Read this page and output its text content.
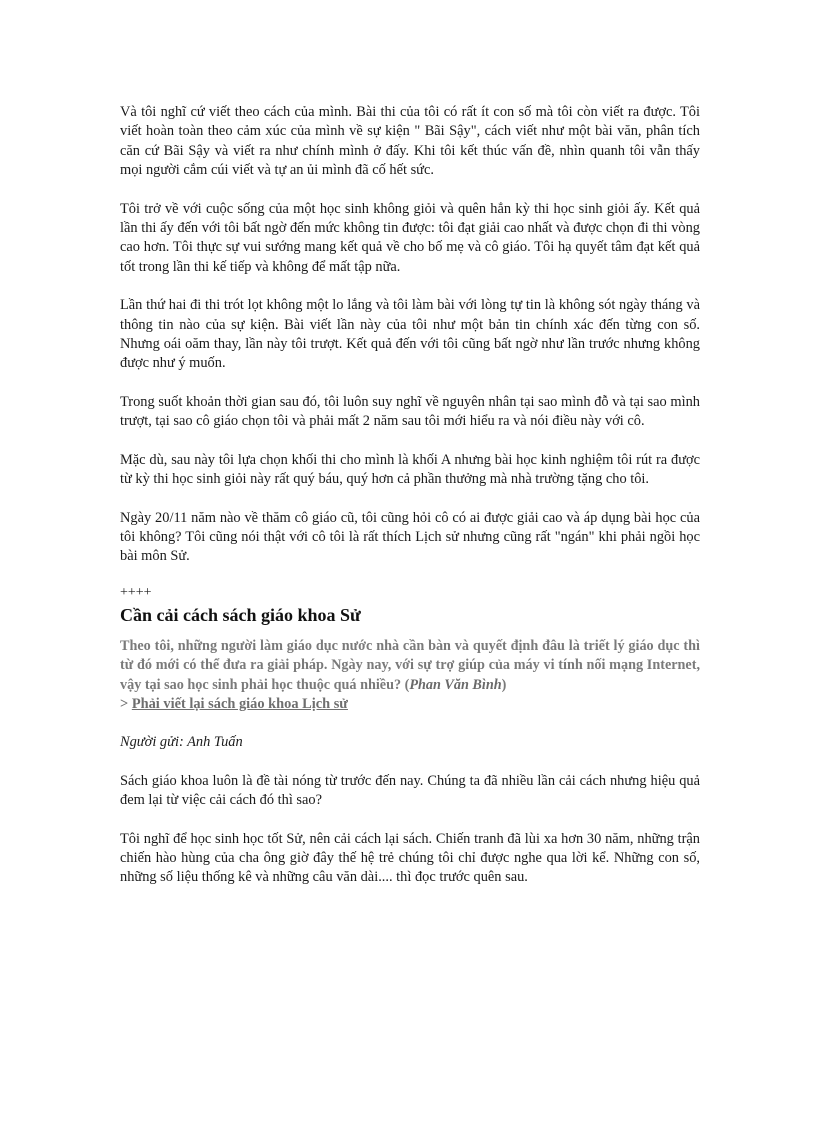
Và tôi nghĩ cứ viết theo cách của mình. Bài thi của tôi có rất ít con số mà tôi còn viết ra được. Tôi viết hoàn toàn theo cảm xúc của mình về sự kiện " Bãi Sậy", cách viết như một bài văn, phân tích căn cứ Bãi Sậy và viết ra như chính mình ở đấy. Khi tôi kết thúc vấn đề, nhìn quanh tôi vẫn thấy mọi người cắm cúi viết và tự an ủi mình đã cố hết sức.

Tôi trở về với cuộc sống của một học sinh không giỏi và quên hẳn kỳ thi học sinh giỏi ấy. Kết quả lần thi ấy đến với tôi bất ngờ đến mức không tin được: tôi đạt giải cao nhất và được chọn đi thi vòng cao hơn. Tôi thực sự vui sướng mang kết quả về cho bố mẹ và cô giáo. Tôi hạ quyết tâm đạt kết quả tốt trong lần thi kế tiếp và không để mất tập nữa.

Lần thứ hai đi thi trót lọt không một lo lắng và tôi làm bài với lòng tự tin là không sót ngày tháng và thông tin nào của sự kiện. Bài viết lần này của tôi như một bản tin chính xác đến từng con số. Nhưng oái oăm thay, lần này tôi trượt. Kết quả đến với tôi cũng bất ngờ như lần trước nhưng không được như ý muốn.

Trong suốt khoản thời gian sau đó, tôi luôn suy nghĩ về nguyên nhân tại sao mình đỗ và tại sao mình trượt, tại sao cô giáo chọn tôi và phải mất 2 năm sau tôi mới hiểu ra và nói điều này với cô.

Mặc dù, sau này tôi lựa chọn khối thi cho mình là khối A nhưng bài học kinh nghiệm tôi rút ra được từ kỳ thi học sinh giỏi này rất quý báu, quý hơn cả phần thưởng mà nhà trường tặng cho tôi.

Ngày 20/11 năm nào về thăm cô giáo cũ, tôi cũng hỏi cô có ai được giải cao và áp dụng bài học của tôi không? Tôi cũng nói thật với cô tôi là rất thích Lịch sử nhưng cũng rất "ngán" khi phải ngồi học bài môn Sử.

++++

Cần cải cách sách giáo khoa Sử

Theo tôi, những người làm giáo dục nước nhà cần bàn và quyết định đâu là triết lý giáo dục thì từ đó mới có thể đưa ra giải pháp. Ngày nay, với sự trợ giúp của máy vi tính nối mạng Internet, vậy tại sao học sinh phải học thuộc quá nhiều? (Phan Văn Bình)

> Phải viết lại sách giáo khoa Lịch sử

Người gửi: Anh Tuấn

Sách giáo khoa luôn là đề tài nóng từ trước đến nay. Chúng ta đã nhiều lần cải cách nhưng hiệu quả đem lại từ việc cải cách đó thì sao?

Tôi nghĩ để học sinh học tốt Sử, nên cải cách lại sách. Chiến tranh đã lùi xa hơn 30 năm, những trận chiến hào hùng của cha ông giờ đây thế hệ trẻ chúng tôi chỉ được nghe qua lời kể. Những con số, những số liệu thống kê và những câu văn dài.... thì đọc trước quên sau.
